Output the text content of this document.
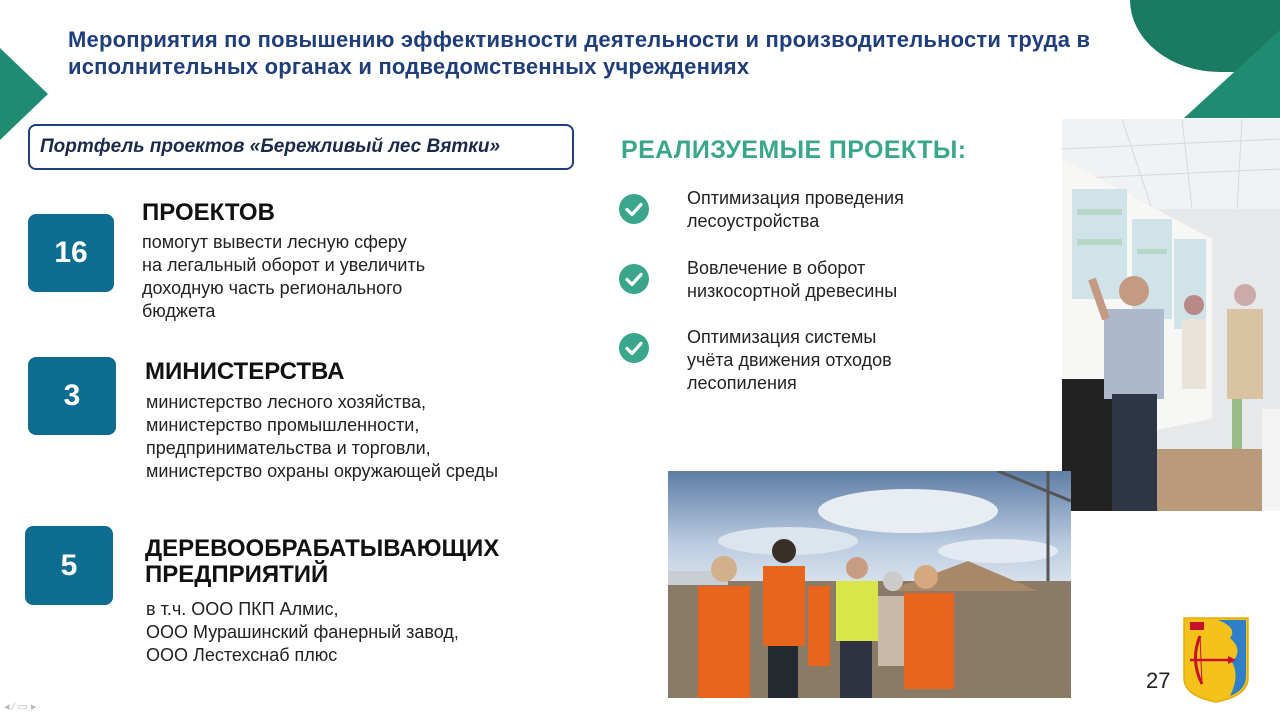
Мероприятия по повышению эффективности деятельности и производительности труда в исполнительных органах и подведомственных учреждениях
Портфель проектов «Бережливый лес Вятки»
16
ПРОЕКТОВ
помогут вывести лесную сферу
на легальный оборот и увеличить
доходную часть регионального
бюджета
3
МИНИСТЕРСТВА
министерство лесного хозяйства,
министерство промышленности,
предпринимательства и торговли,
министерство охраны окружающей среды
5	ДЕРЕВООБРАБАТЫВАЮЩИХ ПРЕДПРИЯТИЙ
в т.ч. ООО ПКП Алмис,
ООО Мурашинский фанерный завод,
ООО Лестехснаб плюс
РЕАЛИЗУЕМЫЕ ПРОЕКТЫ:
Оптимизация проведения
лесоустройства
Вовлечение в оборот
низкосортной древесины
Оптимизация системы
учёта движения отходов
лесопиления
27
◂ ⁄ ▭ ▸
